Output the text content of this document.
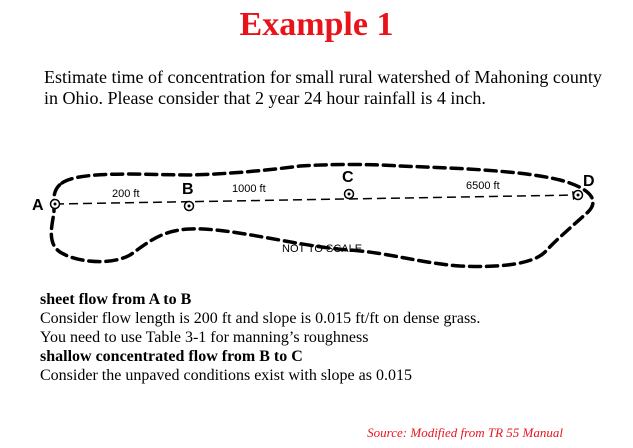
Example 1
Estimate time of concentration for small rural watershed of Mahoning county in Ohio. Please consider that 2 year 24 hour rainfall is 4 inch.
A
B
C	D
200 ft	1000 ft	6500 ft
NOT TO SCALE
sheet flow from A to B
Consider flow length is 200 ft and slope is 0.015 ft/ft on dense grass.
You need to use Table 3-1 for manning’s roughness
shallow concentrated flow from B to C
Consider the unpaved conditions exist with slope as 0.015
Source: Modified from TR 55 Manual
